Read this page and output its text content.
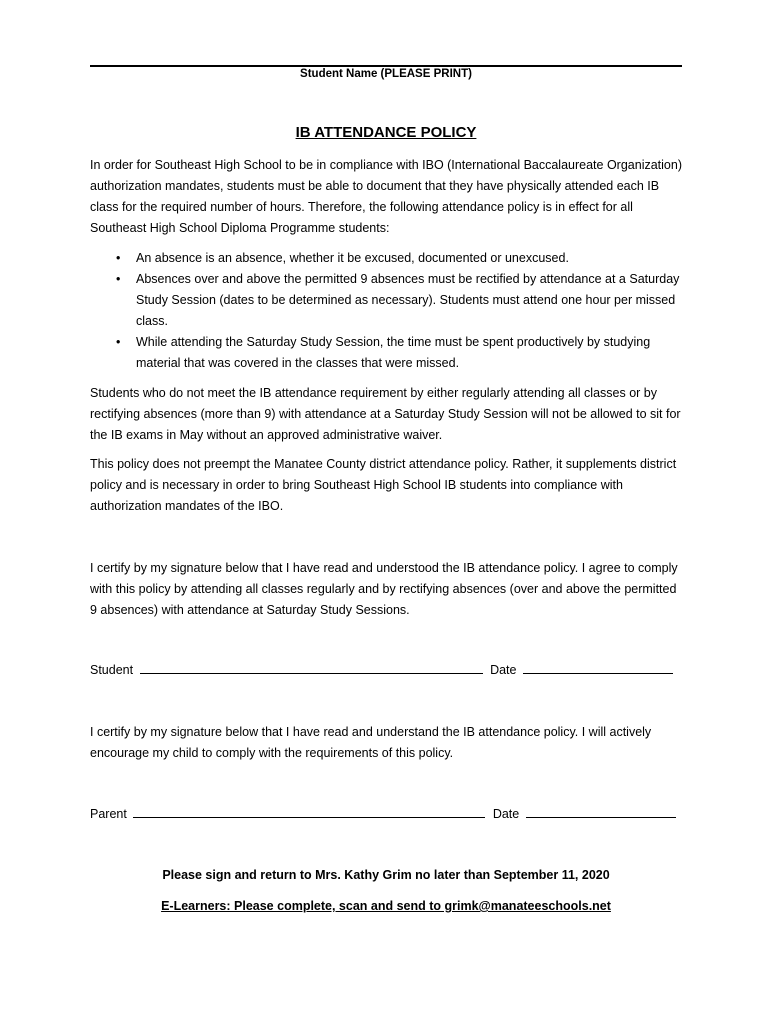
Student Name (PLEASE PRINT)
IB ATTENDANCE POLICY

In order for Southeast High School to be in compliance with IBO (International Baccalaureate Organization) authorization mandates, students must be able to document that they have physically attended each IB class for the required number of hours. Therefore, the following attendance policy is in effect for all Southeast High School Diploma Programme students:

• An absence is an absence, whether it be excused, documented or unexcused.
• Absences over and above the permitted 9 absences must be rectified by attendance at a Saturday Study Session (dates to be determined as necessary). Students must attend one hour per missed class.
• While attending the Saturday Study Session, the time must be spent productively by studying material that was covered in the classes that were missed.

Students who do not meet the IB attendance requirement by either regularly attending all classes or by rectifying absences (more than 9) with attendance at a Saturday Study Session will not be allowed to sit for the IB exams in May without an approved administrative waiver.

This policy does not preempt the Manatee County district attendance policy. Rather, it supplements district policy and is necessary in order to bring Southeast High School IB students into compliance with authorization mandates of the IBO.

I certify by my signature below that I have read and understood the IB attendance policy. I agree to comply with this policy by attending all classes regularly and by rectifying absences (over and above the permitted 9 absences) with attendance at Saturday Study Sessions.

Student	Date

I certify by my signature below that I have read and understand the IB attendance policy. I will actively encourage my child to comply with the requirements of this policy.

Parent	Date
Please sign and return to Mrs. Kathy Grim no later than September 11, 2020
E-Learners: Please complete, scan and send to grimk@manateeschools.net
